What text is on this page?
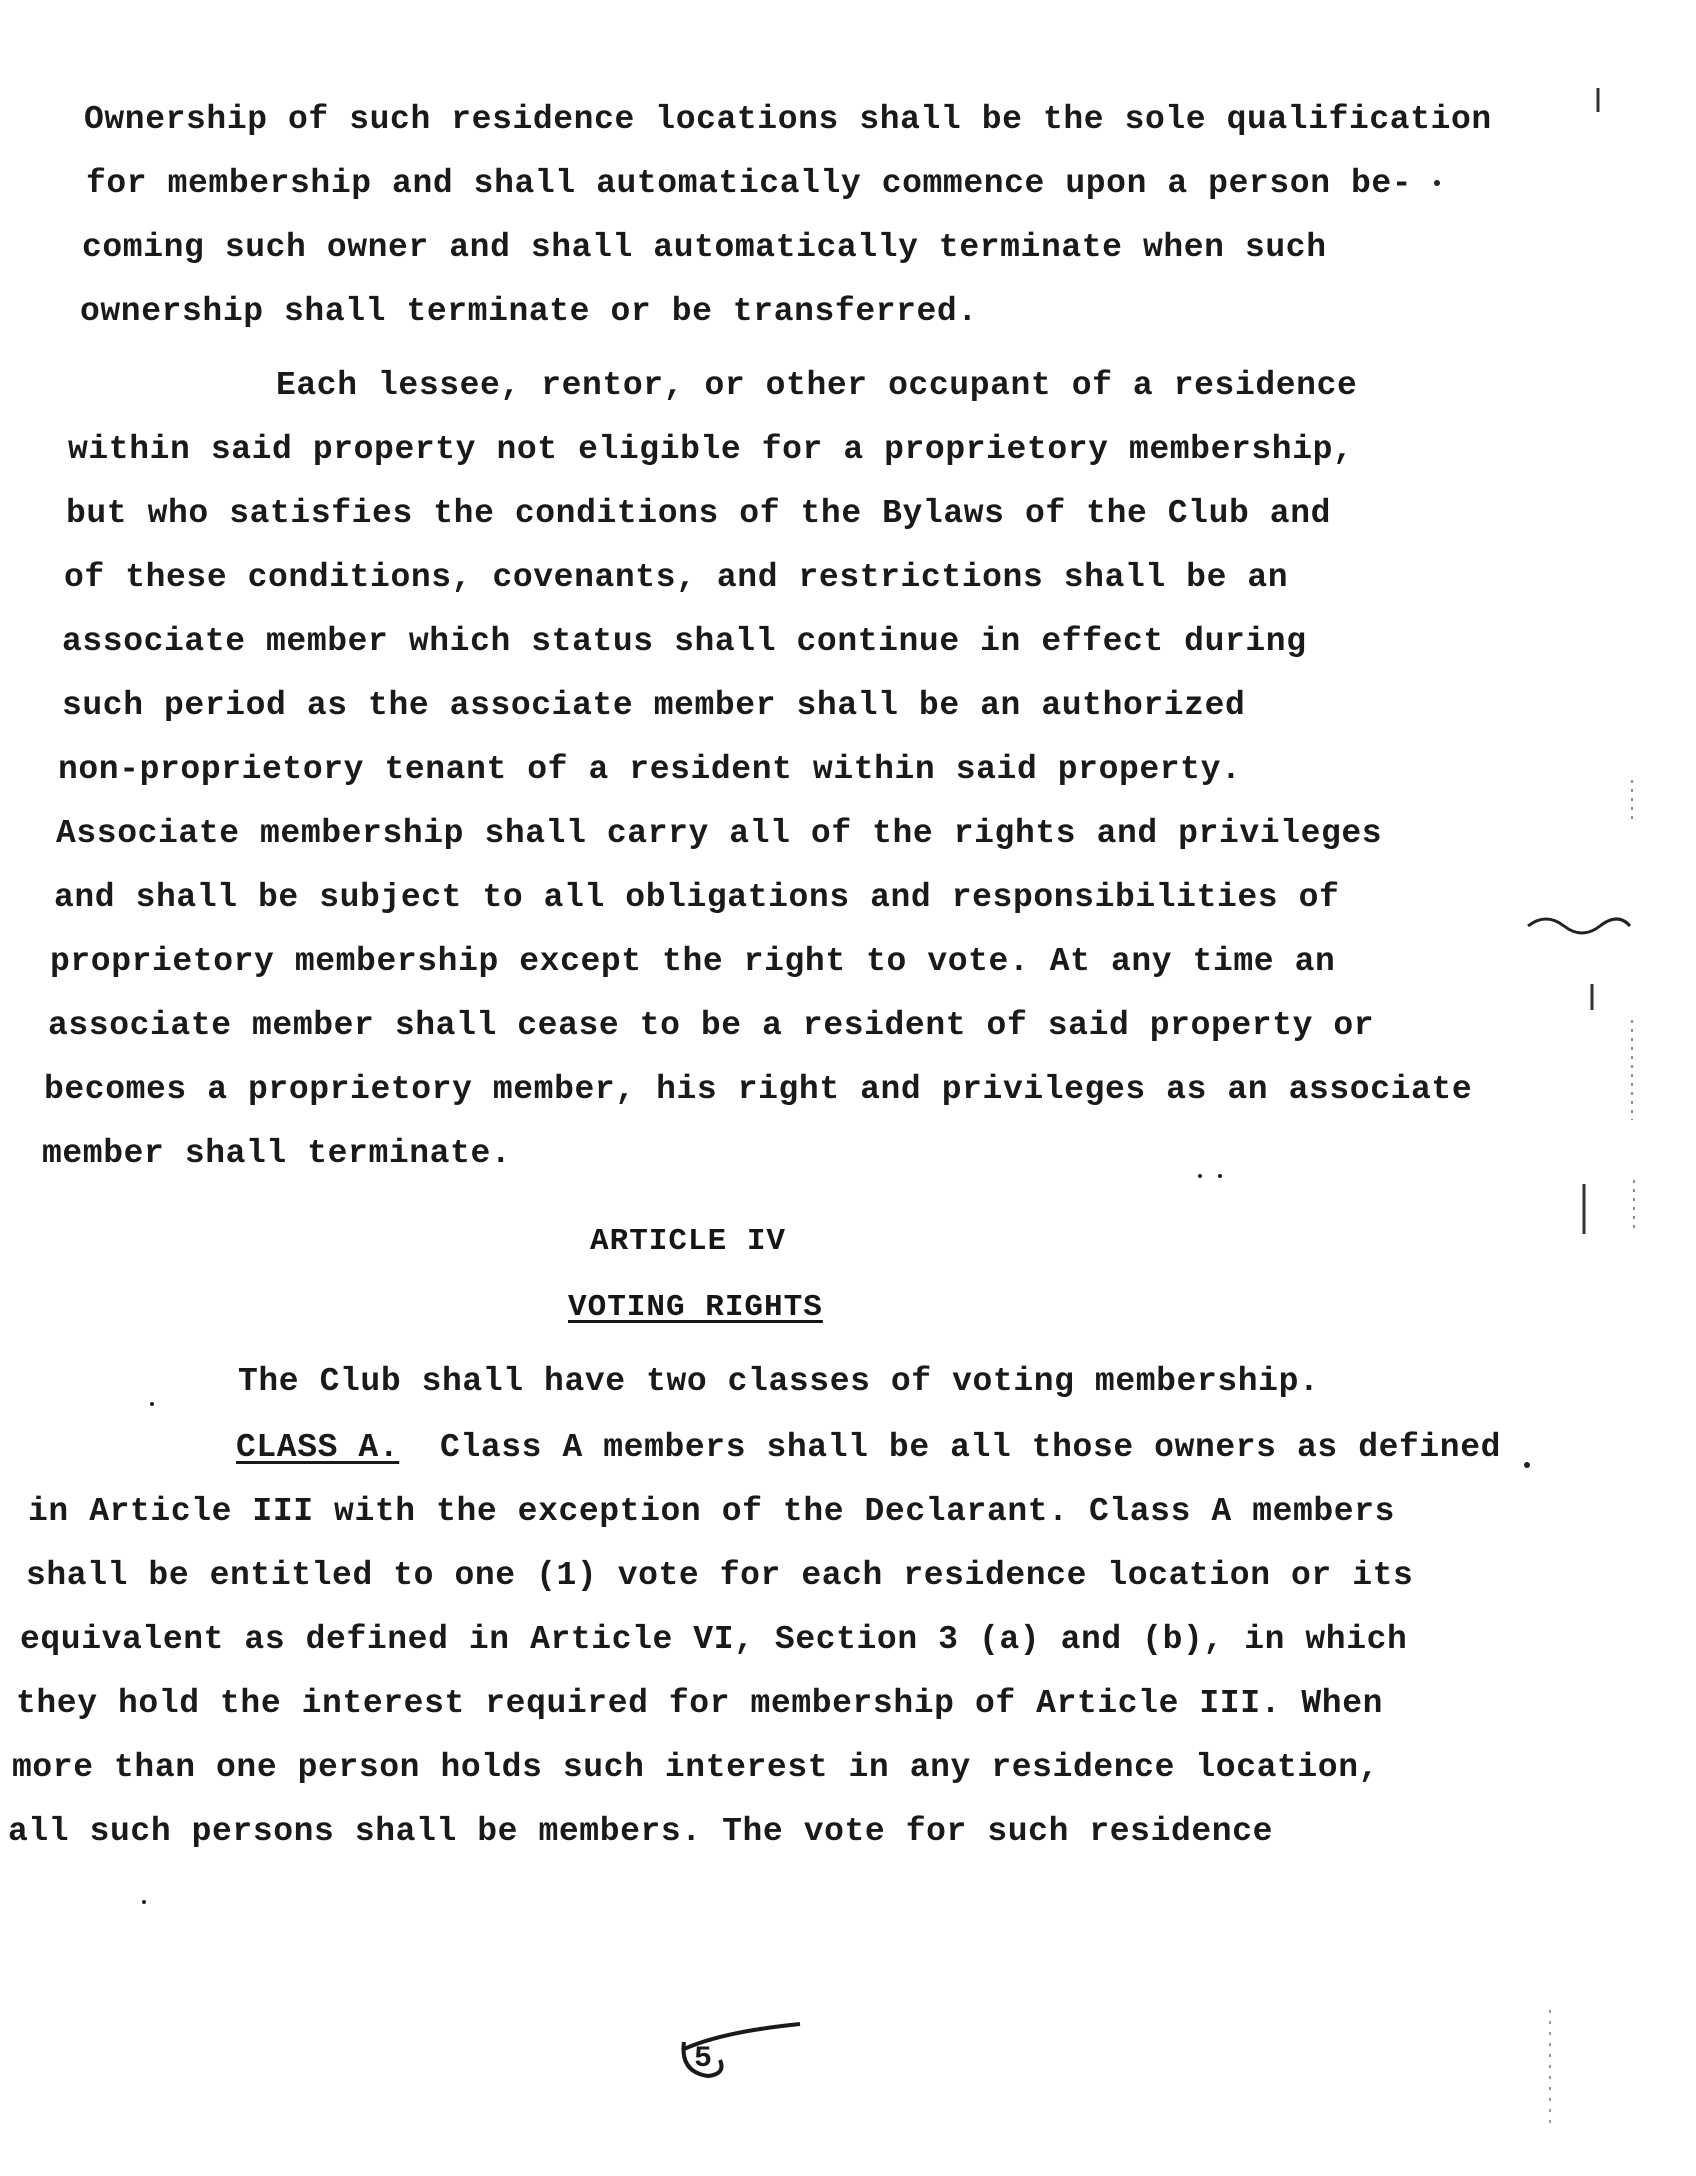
Ownership of such residence locations shall be the sole qualification
for membership and shall automatically commence upon a person be-
coming such owner and shall automatically terminate when such
ownership shall terminate or be transferred.
Each lessee, rentor, or other occupant of a residence
within said property not eligible for a proprietory membership,
but who satisfies the conditions of the Bylaws of the Club and
of these conditions, covenants, and restrictions shall be an
associate member which status shall continue in effect during
such period as the associate member shall be an authorized
non-proprietory tenant of a resident within said property.
Associate membership shall carry all of the rights and privileges
and shall be subject to all obligations and responsibilities of
proprietory membership except the right to vote. At any time an
associate member shall cease to be a resident of said property or
becomes a proprietory member, his right and privileges as an associate
member shall terminate.
ARTICLE IV
VOTING RIGHTS
The Club shall have two classes of voting membership.
CLASS A. Class A members shall be all those owners as defined
in Article III with the exception of the Declarant. Class A members
shall be entitled to one (1) vote for each residence location or its
equivalent as defined in Article VI, Section 3 (a) and (b), in which
they hold the interest required for membership of Article III. When
more than one person holds such interest in any residence location,
all such persons shall be members. The vote for such residence
5
